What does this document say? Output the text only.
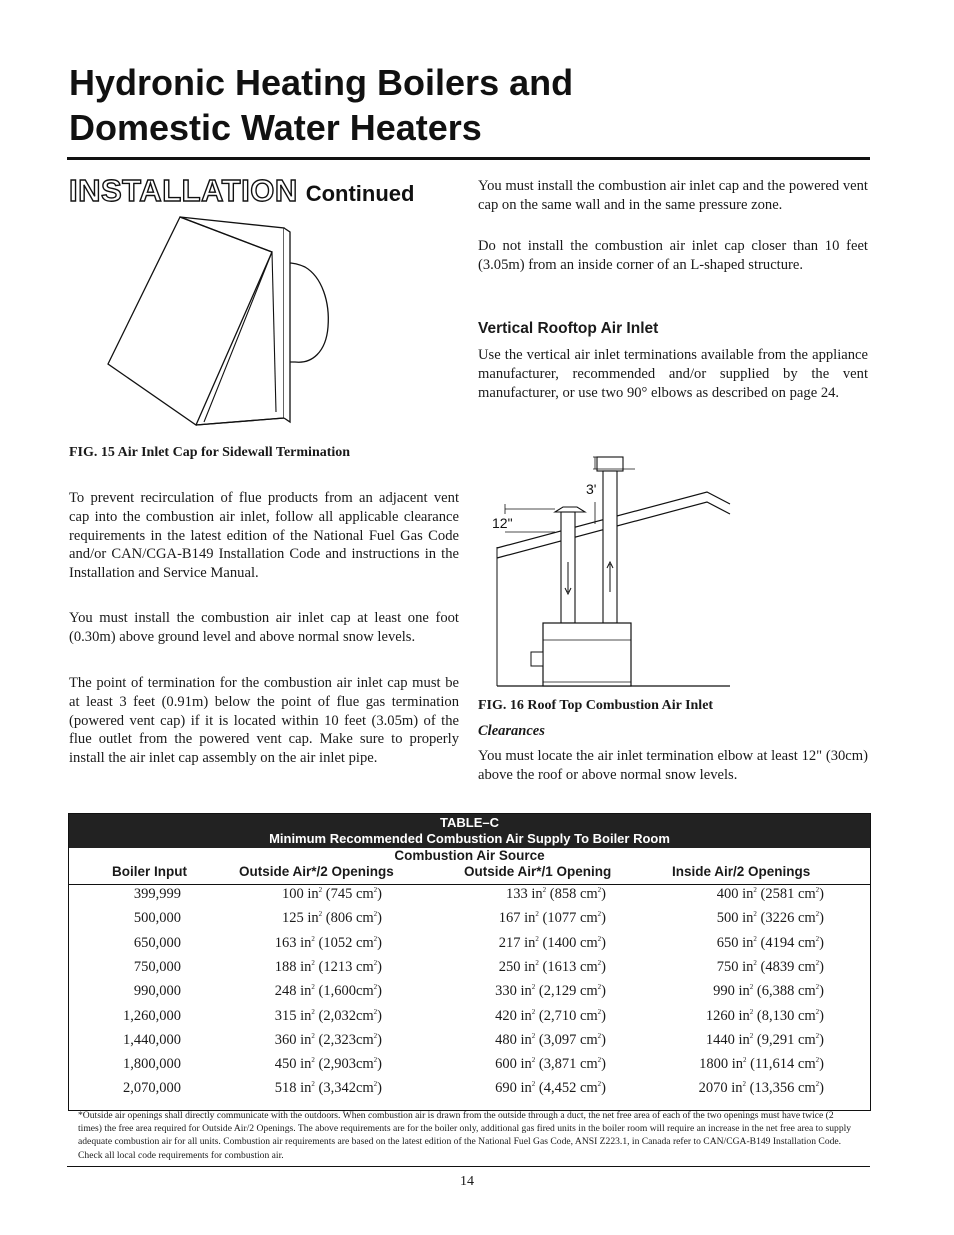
Hydronic Heating Boilers and
Domestic Water Heaters
INSTALLATION Continued
FIG. 15 Air Inlet Cap for Sidewall Termination

To prevent recirculation of flue products from an adjacent vent cap into the combustion air inlet, follow all applicable clearance requirements in the latest edition of the National Fuel Gas Code and/or CAN/CGA-B149 Installation Code and instructions in the Installation and Service Manual.

You must install the combustion air inlet cap at least one foot (0.30m) above ground level and above normal snow levels.

The point of termination for the combustion air inlet cap must be at least 3 feet (0.91m) below the point of flue gas termination (powered vent cap) if it is located within 10 feet (3.05m) of the flue outlet from the powered vent cap. Make sure to properly install the air inlet cap assembly on the air inlet pipe.

You must install the combustion air inlet cap and the powered vent cap on the same wall and in the same pressure zone.

Do not install the combustion air inlet cap closer than 10 feet (3.05m) from an inside corner of an L-shaped structure.

Vertical Rooftop Air Inlet

Use the vertical air inlet terminations available from the appliance manufacturer, recommended and/or supplied by the vent manufacturer, or use two 90° elbows as described on page 24.

3'
12"
FIG. 16 Roof Top Combustion Air Inlet
Clearances

You must locate the air inlet termination elbow at least 12" (30cm) above the roof or above normal snow levels.

TABLE–C
Minimum Recommended Combustion Air Supply To Boiler Room
Combustion Air Source
Boiler Input	Outside Air*/2 Openings	Outside Air*/1 Opening	Inside Air/2 Openings
399,999	100 $in^2$ (745 $cm^2$)	133 $in^2$ (858 $cm^2$)	400 $in^2$ (2581 $cm^2$)
500,000	125 $in^2$ (806 $cm^2$)	167 $in^2$ (1077 $cm^2$)	500 $in^2$ (3226 $cm^2$)
650,000	163 $in^2$ (1052 $cm^2$)	217 $in^2$ (1400 $cm^2$)	650 $in^2$ (4194 $cm^2$)
750,000	188 $in^2$ (1213 $cm^2$)	250 $in^2$ (1613 $cm^2$)	750 $in^2$ (4839 $cm^2$)
990,000	248 $in^2$ $(1,600cm^2)$	330 $in^2$ (2,129 $cm^2$)	990 $in^2$ (6,388 $cm^2$)
1,260,000	315 $in^2$ $(2,032cm^2)$	420 $in^2$ (2,710 $cm^2$)	1260 $in^2$ (8,130 $cm^2$)
1,440,000	360 $in^2$ $(2,323cm^2)$	480 $in^2$ (3,097 $cm^2$)	1440 $in^2$ (9,291 $cm^2$)
1,800,000	450 $in^2$ $(2,903cm^2)$	600 $in^2$ (3,871 $cm^2$)	1800 $in^2$ (11,614 $cm^2$)
2,070,000	518 $in^2$ $(3,342cm^2)$	690 $in^2$ (4,452 $cm^2$)	2070 $in^2$ (13,356 $cm^2$)
*Outside air openings shall directly communicate with the outdoors. When combustion air is drawn from the outside through a duct, the net free area of each of the two openings must have twice (2 times) the free area required for Outside Air/2 Openings. The above requirements are for the boiler only, additional gas fired units in the boiler room will require an increase in the net free area to supply adequate combustion air for all units. Combustion air requirements are based on the latest edition of the National Fuel Gas Code, ANSI Z223.1, in Canada refer to CAN/CGA-B149 Installation Code. Check all local code requirements for combustion air.
14
